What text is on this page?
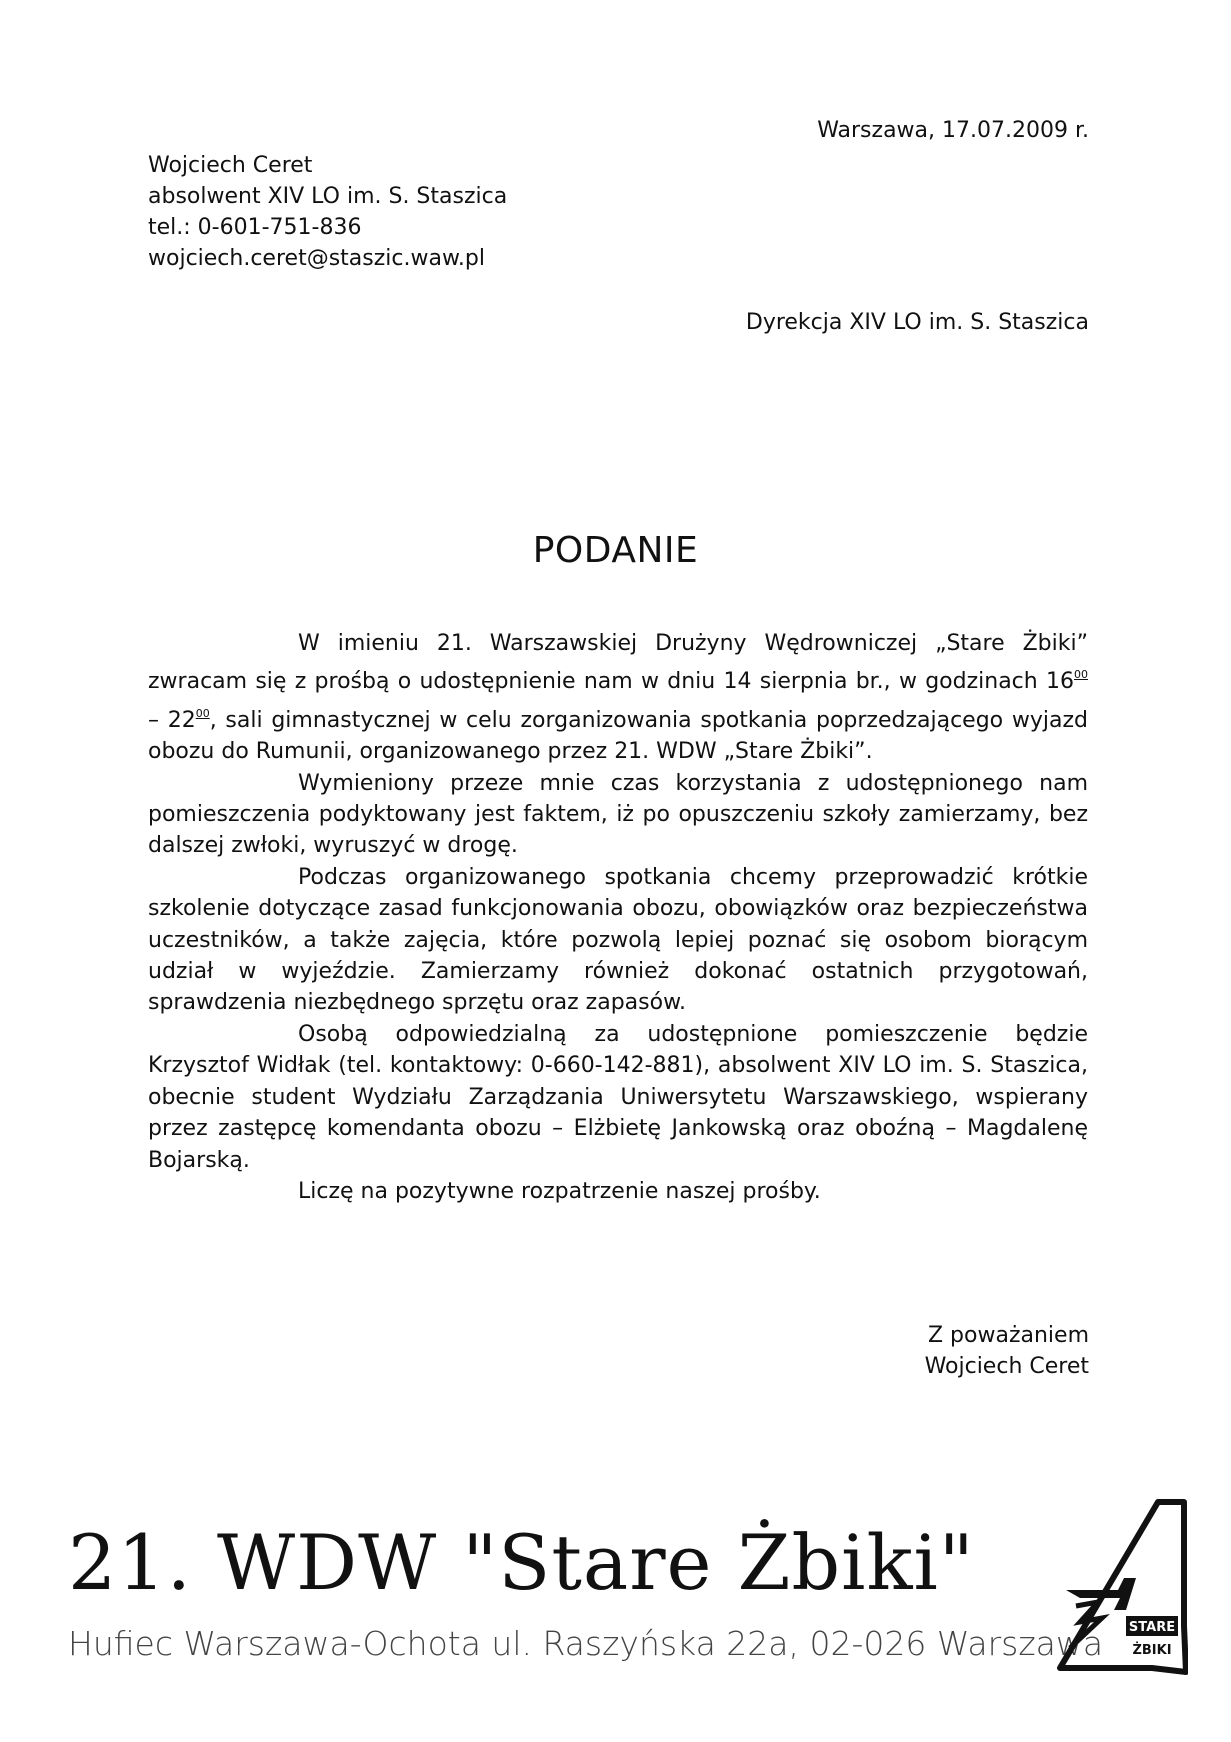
Warszawa, 17.07.2009 r.
Wojciech Ceret
absolwent XIV LO im. S. Staszica
tel.: 0-601-751-836
wojciech.ceret@staszic.waw.pl
Dyrekcja XIV LO im. S. Staszica
PODANIE

W imieniu 21. Warszawskiej Drużyny Wędrowniczej „Stare Żbiki” zwracam się z prośbą o udostępnienie nam w dniu 14 sierpnia br., w godzinach $16^{00} - 22^{00}$, sali gimnastycznej w celu zorganizowania spotkania poprzedzającego wyjazd obozu do Rumunii, organizowanego przez 21. WDW „Stare Żbiki”.

Wymieniony przeze mnie czas korzystania z udostępnionego nam pomieszczenia podyktowany jest faktem, iż po opuszczeniu szkoły zamierzamy, bez dalszej zwłoki, wyruszyć w drogę.

Podczas organizowanego spotkania chcemy przeprowadzić krótkie szkolenie dotyczące zasad funkcjonowania obozu, obowiązków oraz bezpieczeństwa uczestników, a także zajęcia, które pozwolą lepiej poznać się osobom biorącym udział w wyjeździe. Zamierzamy również dokonać ostatnich przygotowań, sprawdzenia niezbędnego sprzętu oraz zapasów.

Osobą odpowiedzialną za udostępnione pomieszczenie będzie Krzysztof Widłak (tel. kontaktowy: 0-660-142-881), absolwent XIV LO im. S. Staszica, obecnie student Wydziału Zarządzania Uniwersytetu Warszawskiego, wspierany przez zastępcę komendanta obozu – Elżbietę Jankowską oraz oboźną – Magdalenę Bojarską.

Liczę na pozytywne rozpatrzenie naszej prośby.

Z poważaniem
Wojciech Ceret
21. WDW "Stare Żbiki"
Hufiec Warszawa-Ochota ul. Raszyńska 22a, 02-026 Warszawa STARE
ŻBIKI
